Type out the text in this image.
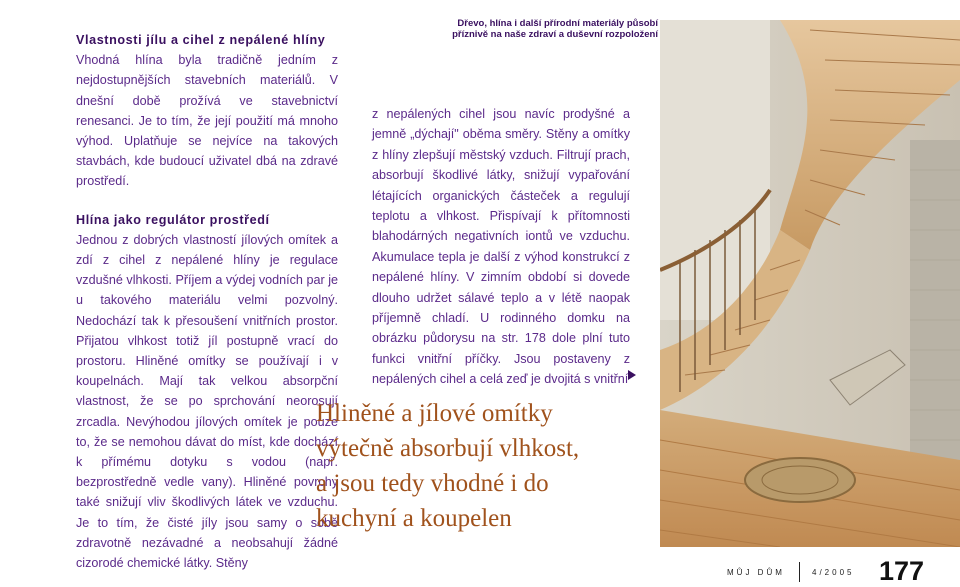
Vlastnosti jílu a cihel z nepálené hlíny

Vhodná hlína byla tradičně jedním z nejdostupnějších stavebních materiálů. V dnešní době prožívá ve stavebnictví renesanci. Je to tím, že její použití má mnoho výhod. Uplatňuje se nejvíce na takových stavbách, kde budoucí uživatel dbá na zdravé prostředí.

Hlína jako regulátor prostředí

Jednou z dobrých vlastností jílových omítek a zdí z cihel z nepálené hlíny je regulace vzdušné vlhkosti. Příjem a výdej vodních par je u takového materiálu velmi pozvolný. Nedochází tak k přesoušení vnitřních prostor. Přijatou vlhkost totiž jíl postupně vrací do prostoru. Hliněné omítky se používají i v koupelnách. Mají tak velkou absorpční vlastnost, že se po sprchování neorosují zrcadla. Nevýhodou jílových omítek je pouze to, že se nemohou dávat do míst, kde dochází k přímému dotyku s vodou (např. bezprostředně vedle vany). Hliněné povrchy také snižují vliv škodlivých látek ve vzduchu. Je to tím, že čisté jíly jsou samy o sobě zdravotně nezávadné a neobsahují žádné cizorodé chemické látky. Stěny

Dřevo, hlína i další přírodní materiály působí
příznivě na naše zdraví a duševní rozpoložení

z nepálených cihel jsou navíc prodyšné a jemně „dýchají" oběma směry. Stěny a omítky z hlíny zlepšují městský vzduch. Filtrují prach, absorbují škodlivé látky, snižují vypařování létajících organických částeček a regulují teplotu a vlhkost. Přispívají k přítomnosti blahodárných negativních iontů ve vzduchu. Akumulace tepla je další z výhod konstrukcí z nepálené hlíny. V zimním období si dovede dlouho udržet sálavé teplo a v létě naopak příjemně chladí. U rodinného domku na obrázku půdorysu na str. 178 dole plní tuto funkci vnitřní příčky. Jsou postaveny z nepálených cihel a celá zeď je dvojitá s vnitřní

Hliněné a jílové omítky
výtečně absorbují vlhkost,
a jsou tedy vhodné i do
kuchyní a koupelen
MŮJ DŮM	4/2005 177
